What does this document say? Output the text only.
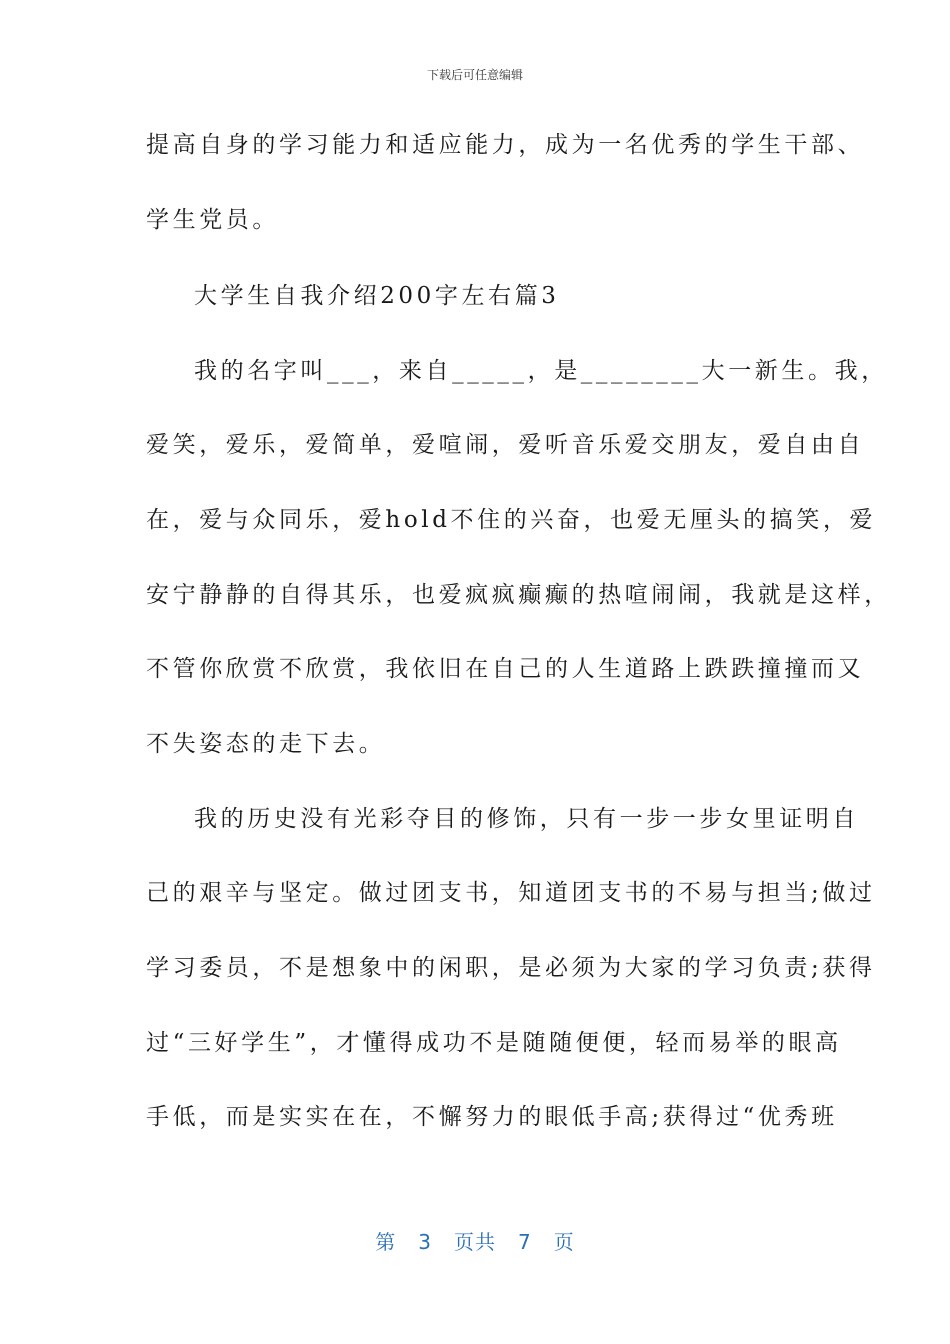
下载后可任意编辑
提高自身的学习能力和适应能力，成为一名优秀的学生干部、
学生党员。
大学生自我介绍200字左右篇3
我的名字叫___，来自_____，是________大一新生。我，
爱笑，爱乐，爱简单，爱喧闹，爱听音乐爱交朋友，爱自由自
在，爱与众同乐，爱hold不住的兴奋，也爱无厘头的搞笑，爱
安宁静静的自得其乐，也爱疯疯癫癫的热喧闹闹，我就是这样，
不管你欣赏不欣赏，我依旧在自己的人生道路上跌跌撞撞而又
不失姿态的走下去。
我的历史没有光彩夺目的修饰，只有一步一步女里证明自
己的艰辛与坚定。做过团支书，知道团支书的不易与担当;做过
学习委员，不是想象中的闲职，是必须为大家的学习负责;获得
过“三好学生”，才懂得成功不是随随便便，轻而易举的眼高
手低，而是实实在在，不懈努力的眼低手高;获得过“优秀班
第 3 页共 7 页
